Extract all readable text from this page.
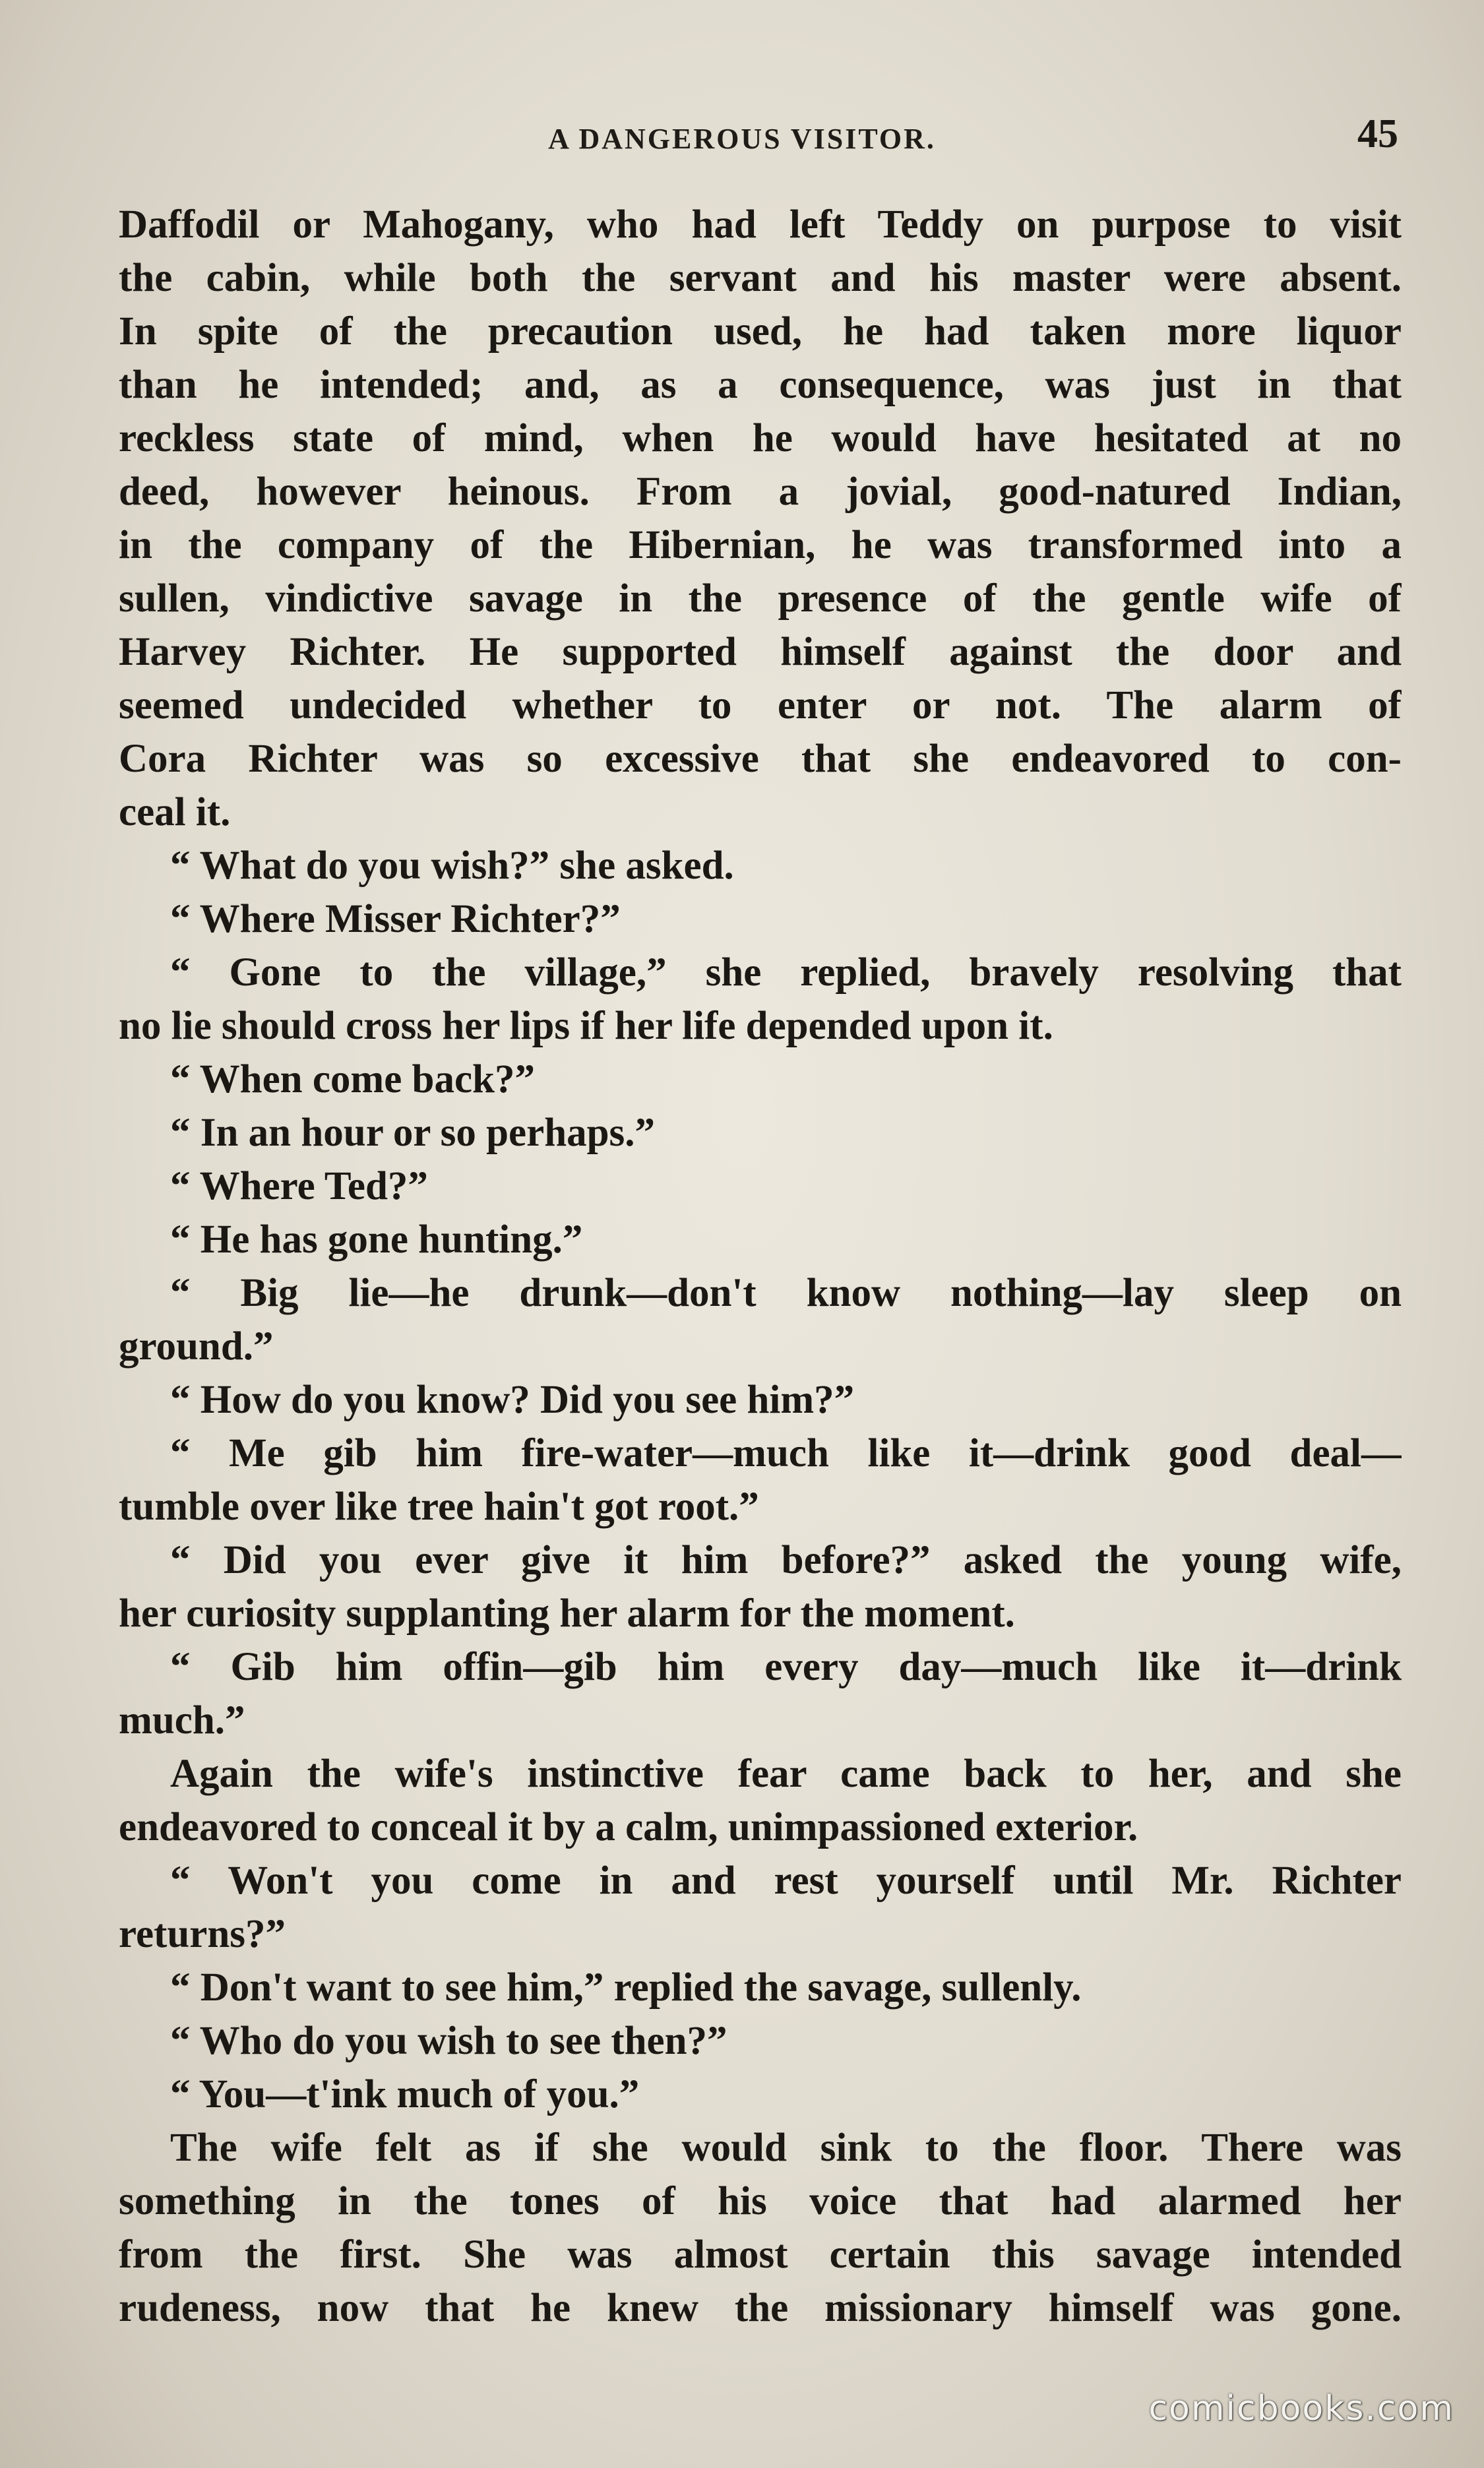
A DANGEROUS VISITOR.	45
Daffodil or Mahogany, who had left Teddy on purpose to visit
the cabin, while both the servant and his master were absent.
In spite of the precaution used, he had taken more liquor
than he intended; and, as a consequence, was just in that
reckless state of mind, when he would have hesitated at no
deed, however heinous. From a jovial, good-natured Indian,
in the company of the Hibernian, he was transformed into a
sullen, vindictive savage in the presence of the gentle wife of
Harvey Richter. He supported himself against the door and
seemed undecided whether to enter or not. The alarm of
Cora Richter was so excessive that she endeavored to con-
ceal it.
“ What do you wish?” she asked.
“ Where Misser Richter?”
“ Gone to the village,” she replied, bravely resolving that
no lie should cross her lips if her life depended upon it.
“ When come back?”
“ In an hour or so perhaps.”
“ Where Ted?”
“ He has gone hunting.”
“ Big lie—he drunk—don't know nothing—lay sleep on
ground.”
“ How do you know? Did you see him?”
“ Me gib him fire-water—much like it—drink good deal—
tumble over like tree hain't got root.”
“ Did you ever give it him before?” asked the young wife,
her curiosity supplanting her alarm for the moment.
“ Gib him offin—gib him every day—much like it—drink
much.”
Again the wife's instinctive fear came back to her, and she
endeavored to conceal it by a calm, unimpassioned exterior.
“ Won't you come in and rest yourself until Mr. Richter
returns?”
“ Don't want to see him,” replied the savage, sullenly.
“ Who do you wish to see then?”
“ You—t'ink much of you.”
The wife felt as if she would sink to the floor. There was
something in the tones of his voice that had alarmed her
from the first. She was almost certain this savage intended
rudeness, now that he knew the missionary himself was gone.
comicbooks.com
